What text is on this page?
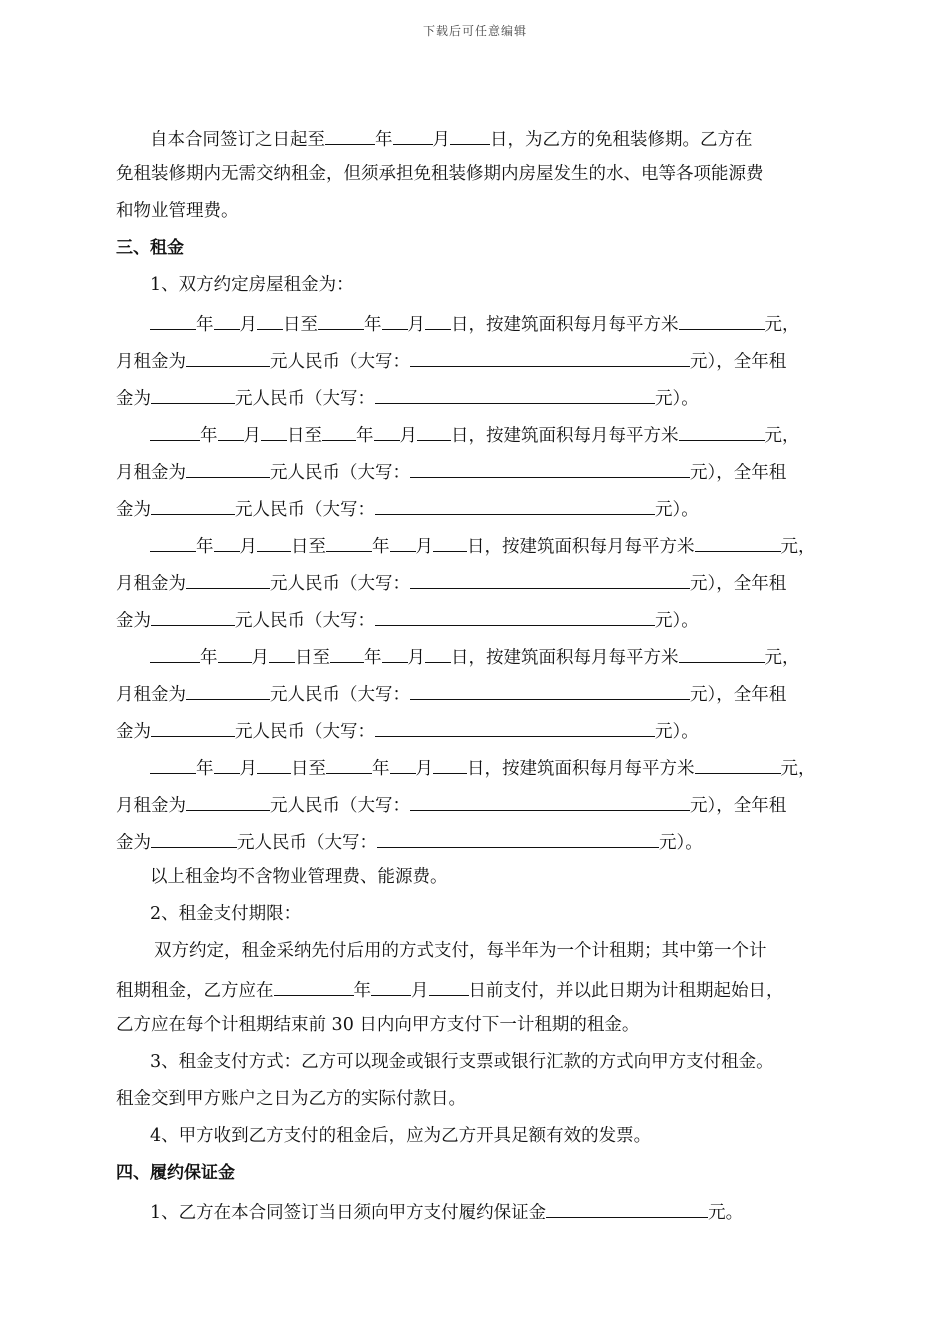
下载后可任意编辑
自本合同签订之日起至	年 月 日，为乙方的免租装修期。乙方在
免租装修期内无需交纳租金，但须承担免租装修期内房屋发生的水、电等各项能源费
和物业管理费。
三、租金
1、双方约定房屋租金为：
年 月 日至	年 月 日，按建筑面积每月每平方米	元，
月租金为	元人民币（大写：	元），全年租
金为	元人民币（大写：	元）。
年 月 日至 年 月 日，按建筑面积每月每平方米	元，
月租金为	元人民币（大写：	元），全年租
金为	元人民币（大写：	元）。
年 月 日至	年 月 日，按建筑面积每月每平方米	元，
月租金为	元人民币（大写：	元），全年租
金为	元人民币（大写：	元）。
年 月 日至 年 月 日，按建筑面积每月每平方米	元，
月租金为	元人民币（大写：	元），全年租
金为	元人民币（大写：	元）。
年 月 日至	年 月 日，按建筑面积每月每平方米	元，
月租金为	元人民币（大写：	元），全年租
金为	元人民币（大写：	元）。
以上租金均不含物业管理费、能源费。
2、租金支付期限：
双方约定，租金采纳先付后用的方式支付，每半年为一个计租期；其中第一个计
租期租金，乙方应在	年 月 日前支付，并以此日期为计租期起始日，
乙方应在每个计租期结束前 30 日内向甲方支付下一计租期的租金。
3、租金支付方式：乙方可以现金或银行支票或银行汇款的方式向甲方支付租金。
租金交到甲方账户之日为乙方的实际付款日。
4、甲方收到乙方支付的租金后，应为乙方开具足额有效的发票。
四、履约保证金
1、乙方在本合同签订当日须向甲方支付履约保证金	元。
